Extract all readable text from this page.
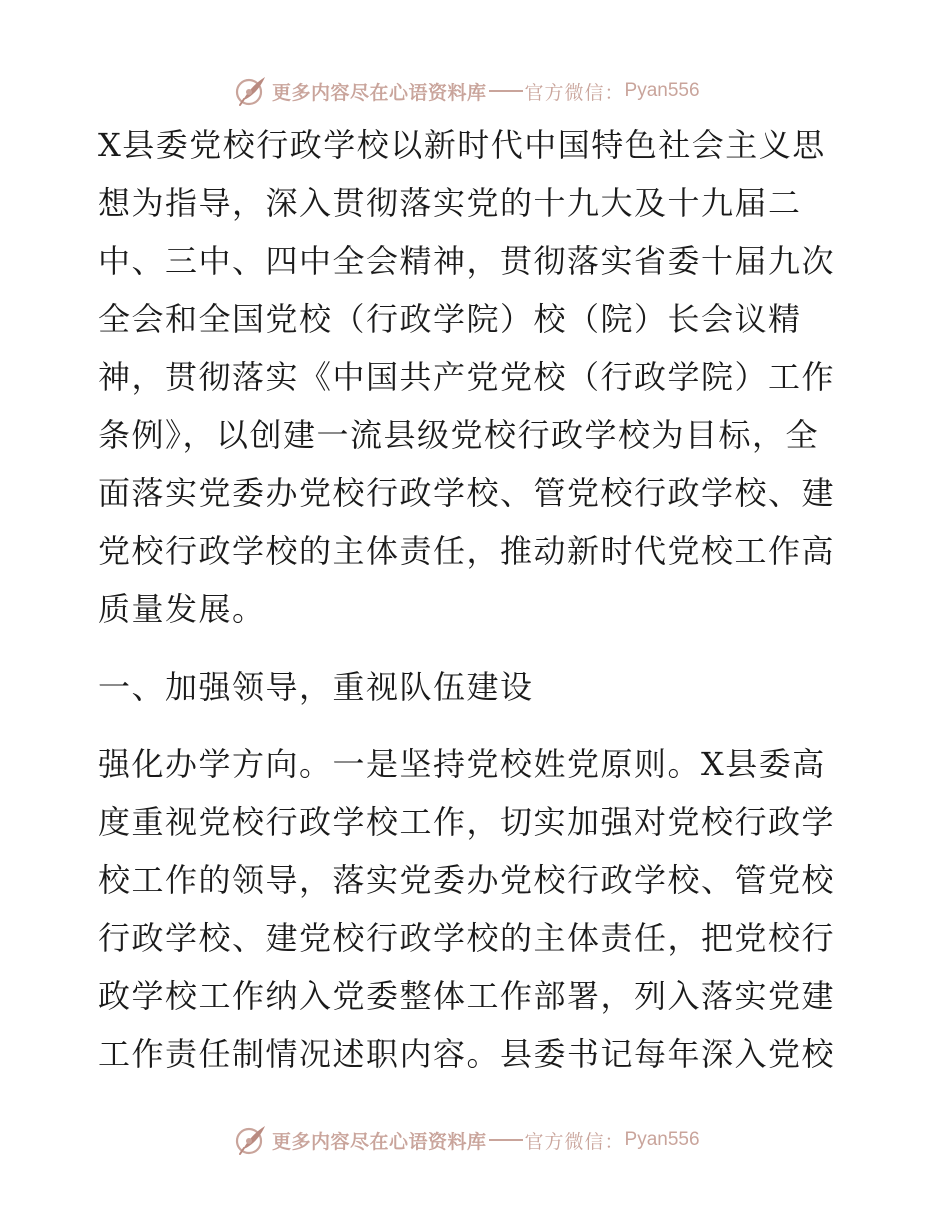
更多内容尽在心语资料库 官方微信： Pyan556

X县委党校行政学校以新时代中国特色社会主义思想为指导，深入贯彻落实党的十九大及十九届二中、三中、四中全会精神，贯彻落实省委十届九次全会和全国党校（行政学院）校（院）长会议精神，贯彻落实《中国共产党党校（行政学院）工作条例》，以创建一流县级党校行政学校为目标，全面落实党委办党校行政学校、管党校行政学校、建党校行政学校的主体责任，推动新时代党校工作高质量发展。

一、加强领导，重视队伍建设

强化办学方向。一是坚持党校姓党原则。X县委高度重视党校行政学校工作，切实加强对党校行政学校工作的领导，落实党委办党校行政学校、管党校行政学校、建党校行政学校的主体责任，把党校行政学校工作纳入党委整体工作部署，列入落实党建工作责任制情况述职内容。县委书记每年深入党校

更多内容尽在心语资料库 官方微信： Pyan556
